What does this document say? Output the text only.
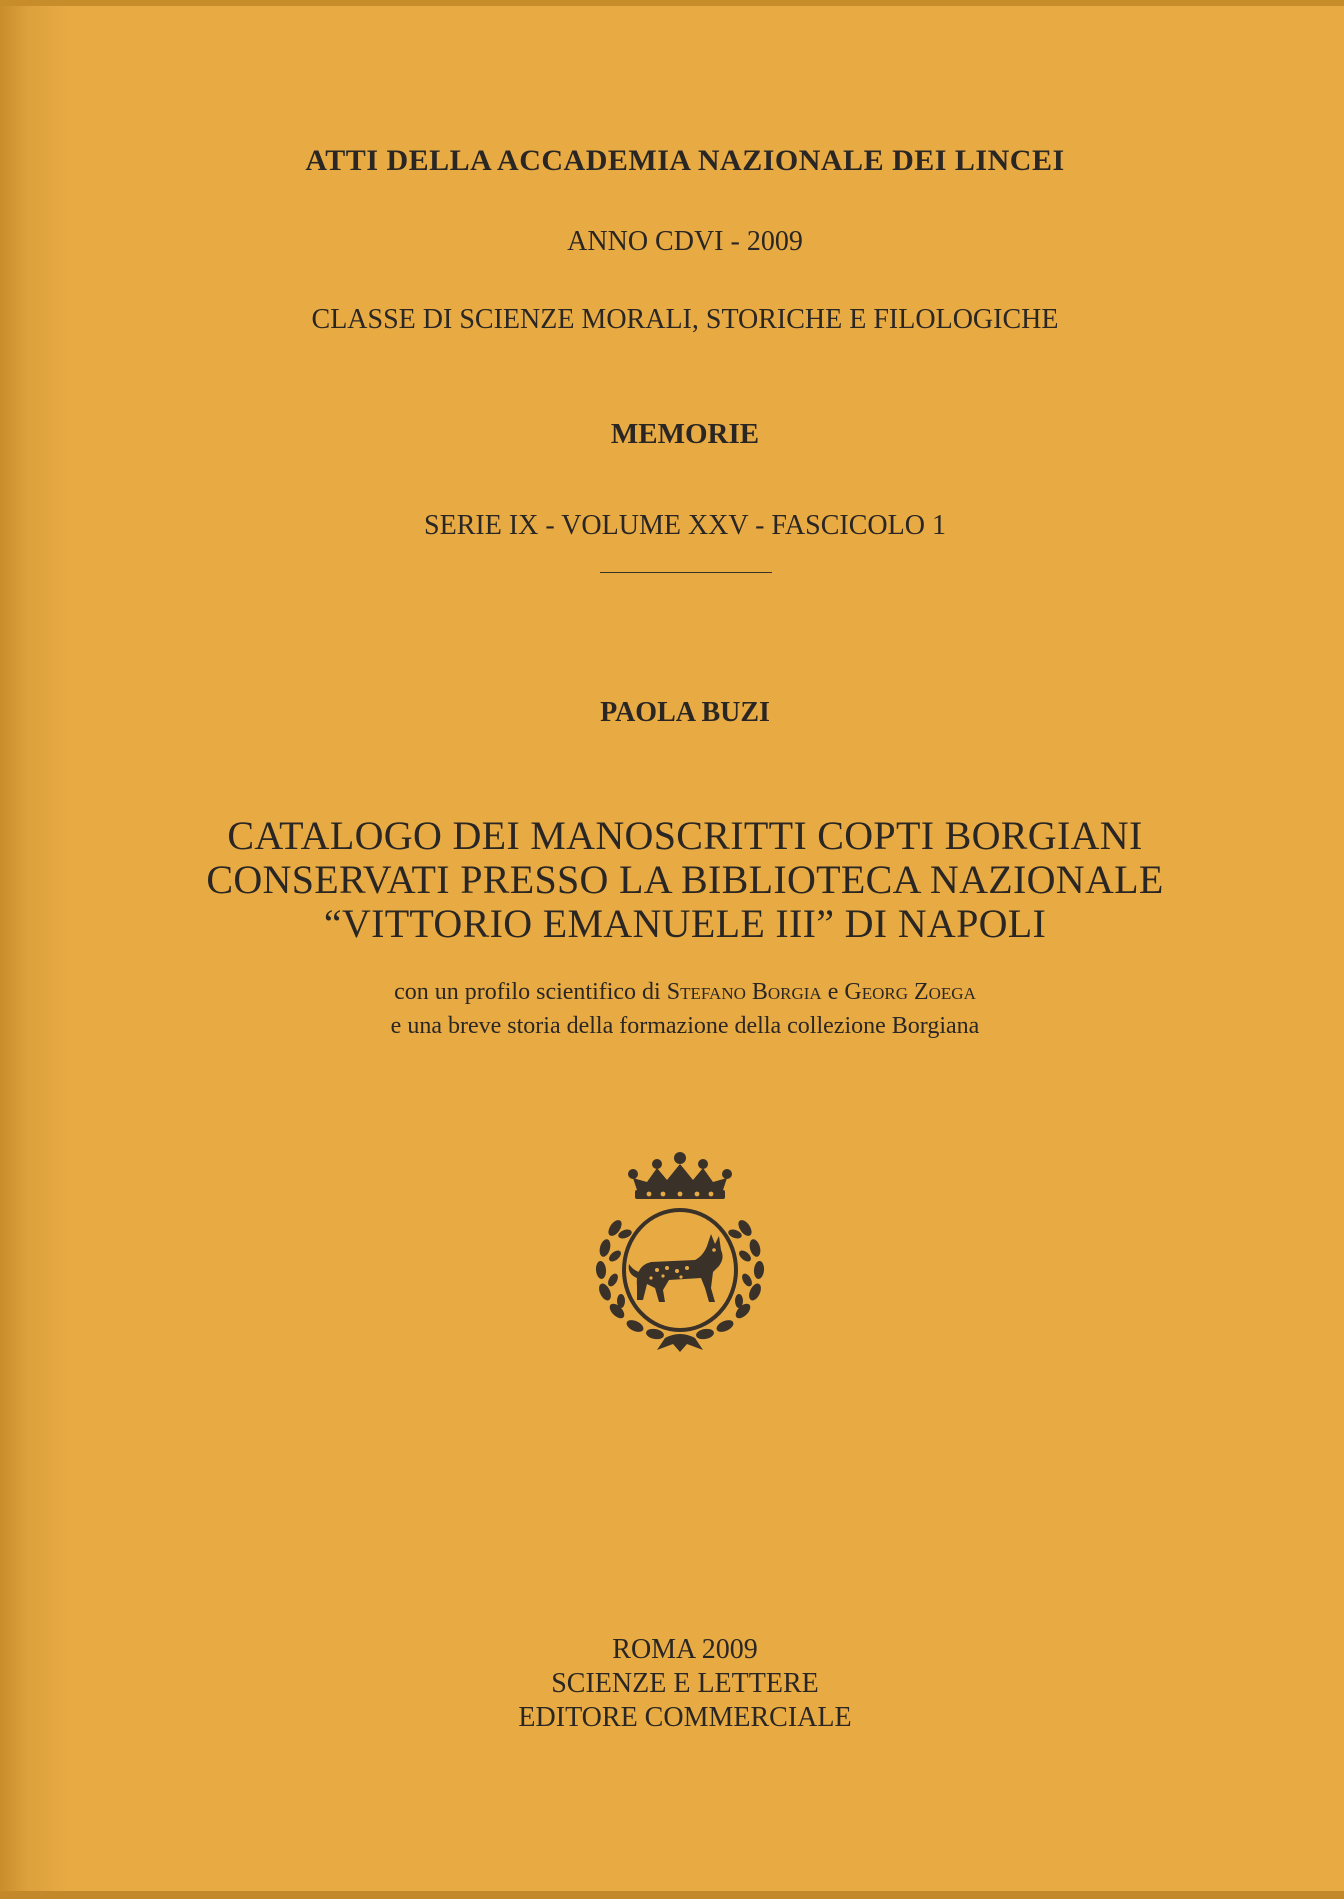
ATTI DELLA ACCADEMIA NAZIONALE DEI LINCEI
ANNO CDVI - 2009
CLASSE DI SCIENZE MORALI, STORICHE E FILOLOGICHE
MEMORIE
SERIE IX - VOLUME XXV - FASCICOLO 1
PAOLA BUZI
CATALOGO DEI MANOSCRITTI COPTI BORGIANI
CONSERVATI PRESSO LA BIBLIOTECA NAZIONALE
“VITTORIO EMANUELE III” DI NAPOLI
con un profilo scientifico di Stefano Borgia e Georg Zoega
e una breve storia della formazione della collezione Borgiana
ROMA 2009
SCIENZE E LETTERE
EDITORE COMMERCIALE
